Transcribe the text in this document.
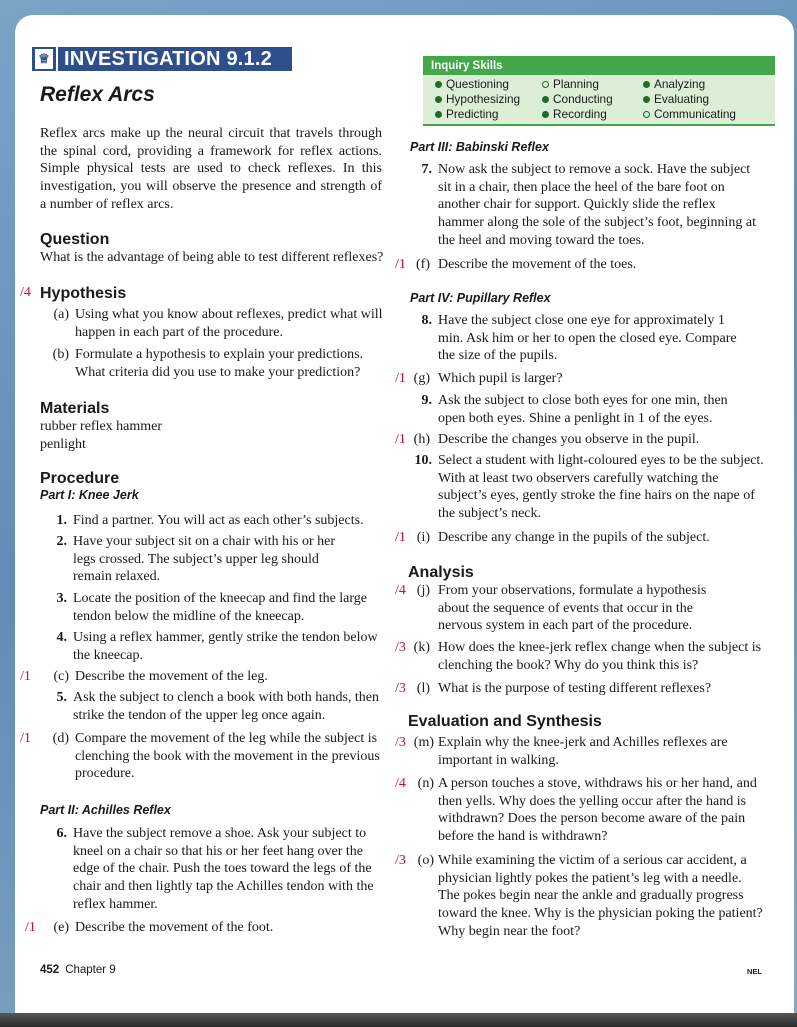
♕ INVESTIGATION 9.1.2
Reflex Arcs
Inquiry Skills
Questioning	Planning	Analyzing
Hypothesizing	Conducting	Evaluating
Predicting	Recording	Communicating

Reflex arcs make up the neural circuit that travels through the spinal cord, providing a framework for reflex actions. Simple physical tests are used to check reflexes. In this investigation, you will observe the presence and strength of a number of reflex arcs.

Question

What is the advantage of being able to test different reflexes?

/4 Hypothesis
(a) Using what you know about reflexes, predict what will happen in each part of the procedure.
(b) Formulate a hypothesis to explain your predictions. What criteria did you use to make your prediction?
Materials
rubber reflex hammer
penlight
Procedure
Part I: Knee Jerk
1. Find a partner. You will act as each other’s subjects.
2. Have your subject sit on a chair with his or her legs crossed. The subject’s upper leg should remain relaxed.
3. Locate the position of the kneecap and find the large tendon below the midline of the kneecap.
4. Using a reflex hammer, gently strike the tendon below the kneecap.
/1	(c) Describe the movement of the leg.
5. Ask the subject to clench a book with both hands, then strike the tendon of the upper leg once again.
/1	(d) Compare the movement of the leg while the subject is clenching the book with the movement in the previous procedure.
Part II: Achilles Reflex
6. Have the subject remove a shoe. Ask your subject to kneel on a chair so that his or her feet hang over the edge of the chair. Push the toes toward the legs of the chair and then lightly tap the Achilles tendon with the reflex hammer.
/1	(e) Describe the movement of the foot.
Part III: Babinski Reflex
7. Now ask the subject to remove a sock. Have the subject sit in a chair, then place the heel of the bare foot on another chair for support. Quickly slide the reflex hammer along the sole of the subject’s foot, beginning at the heel and moving toward the toes.
/1 (f) Describe the movement of the toes.
Part IV: Pupillary Reflex
8. Have the subject close one eye for approximately 1 min. Ask him or her to open the closed eye. Compare the size of the pupils.
/1 (g) Which pupil is larger?
9. Ask the subject to close both eyes for one min, then open both eyes. Shine a penlight in 1 of the eyes.
/1 (h) Describe the changes you observe in the pupil.
10. Select a student with light-coloured eyes to be the subject. With at least two observers carefully watching the subject’s eyes, gently stroke the fine hairs on the nape of the subject’s neck.
/1 (i) Describe any change in the pupils of the subject.
Analysis
/4 (j) From your observations, formulate a hypothesis about the sequence of events that occur in the nervous system in each part of the procedure.
/3 (k) How does the knee-jerk reflex change when the subject is clenching the book? Why do you think this is?
/3 (l) What is the purpose of testing different reflexes?
Evaluation and Synthesis
/3 (m) Explain why the knee-jerk and Achilles reflexes are important in walking.
/4 (n) A person touches a stove, withdraws his or her hand, and then yells. Why does the yelling occur after the hand is withdrawn? Does the person become aware of the pain before the hand is withdrawn?
/3 (o) While examining the victim of a serious car accident, a physician lightly pokes the patient’s leg with a needle. The pokes begin near the ankle and gradually progress toward the knee. Why is the physician poking the patient? Why begin near the foot?
452 Chapter 9	NEL
